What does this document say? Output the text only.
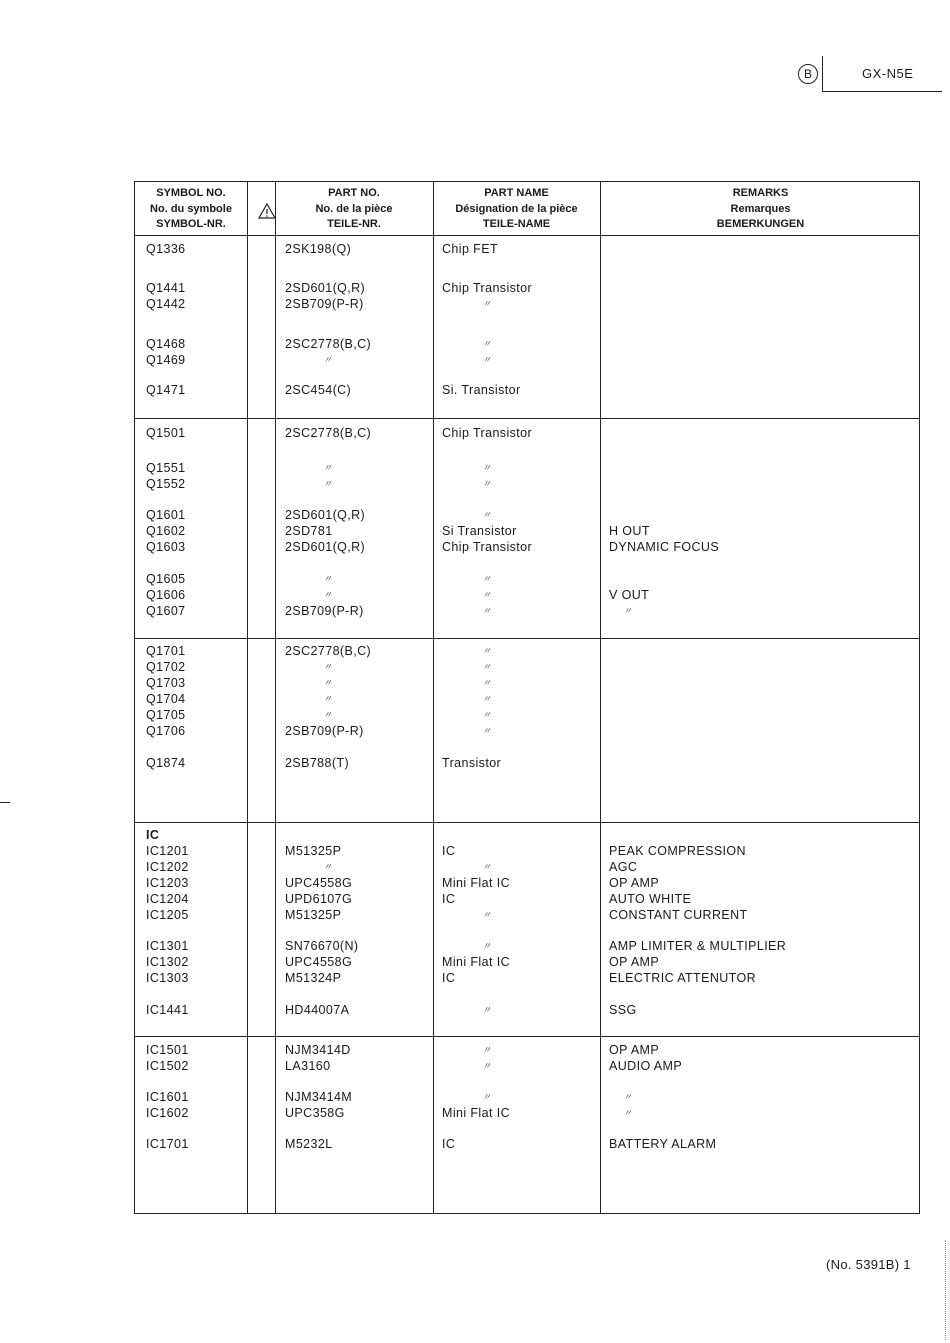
B	GX-N5E
SYMBOL NO.
No. du symbole
SYMBOL-NR.
PART NO.
No. de la pièce
TEILE-NR.
PART NAME
Désignation de la pièce
TEILE-NAME
REMARKS
Remarques
BEMERKUNGEN
Q1336	2SK198(Q)	Chip FET
Q1441	2SD601(Q,R)	Chip Transistor
Q1442	2SB709(P-R)	〃
Q1468	2SC2778(B,C)	〃
Q1469	〃	〃
Q1471	2SC454(C)	Si. Transistor
Q1501	2SC2778(B,C)	Chip Transistor
Q1551	〃	〃
Q1552	〃	〃
Q1601	2SD601(Q,R)	〃
Q1602	2SD781	Si Transistor	H OUT
Q1603	2SD601(Q,R)	Chip Transistor	DYNAMIC FOCUS
Q1605	〃	〃
Q1606	〃	〃	V OUT
Q1607	2SB709(P-R)	〃	〃
Q1701	2SC2778(B,C)	〃
Q1702	〃	〃
Q1703	〃	〃
Q1704	〃	〃
Q1705	〃	〃
Q1706	2SB709(P-R)	〃
Q1874	2SB788(T)	Transistor
IC
IC1201	M51325P	IC	PEAK COMPRESSION
IC1202	〃	〃	AGC
IC1203	UPC4558G	Mini Flat IC	OP AMP
IC1204	UPD6107G	IC	AUTO WHITE
IC1205	M51325P	〃	CONSTANT CURRENT
IC1301	SN76670(N)	〃	AMP LIMITER & MULTIPLIER
IC1302	UPC4558G	Mini Flat IC	OP AMP
IC1303	M51324P	IC	ELECTRIC ATTENUTOR
IC1441	HD44007A	〃	SSG
IC1501	NJM3414D	〃	OP AMP
IC1502	LA3160	〃	AUDIO AMP
IC1601	NJM3414M	〃	〃
IC1602	UPC358G	Mini Flat IC	〃
IC1701	M5232L	IC	BATTERY ALARM
(No. 5391B) 1
